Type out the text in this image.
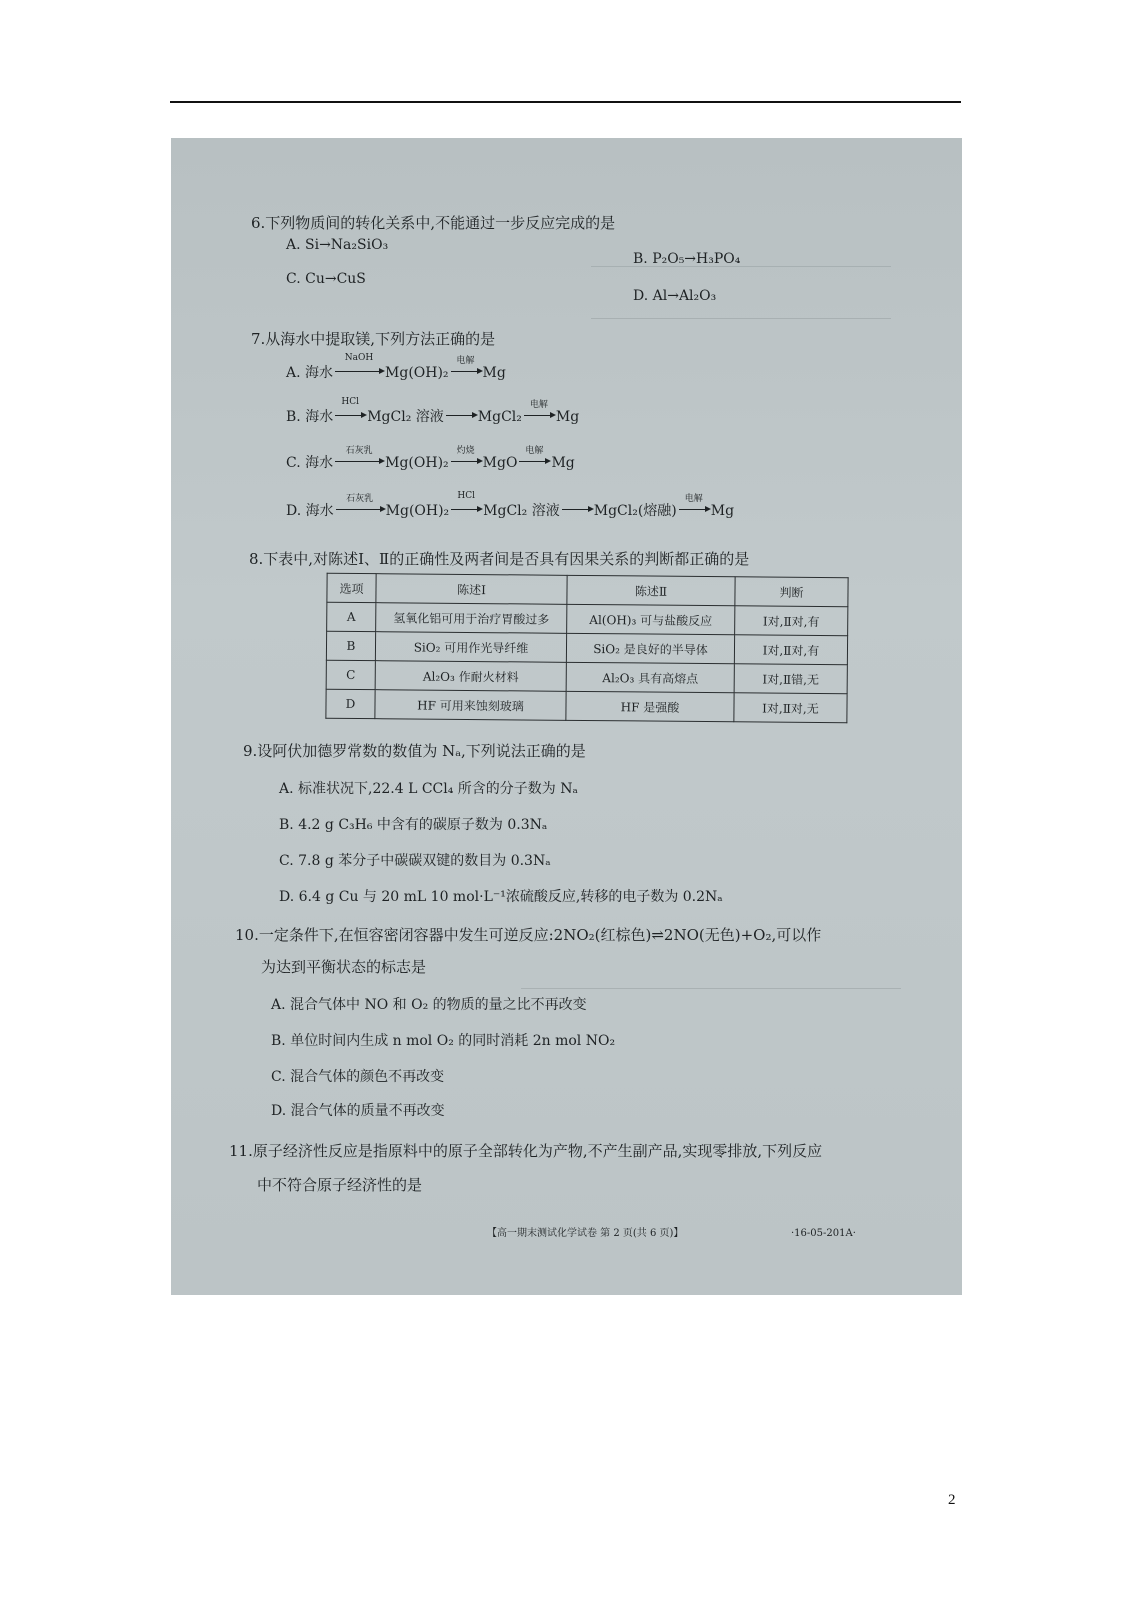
6.下列物质间的转化关系中,不能通过一步反应完成的是
A. Si→Na₂SiO₃
B. P₂O₅→H₃PO₄
C. Cu→CuS
D. Al→Al₂O₃
7.从海水中提取镁,下列方法正确的是
A. 海水
NaOH
Mg(OH)₂
电解
Mg
B. 海水
HCl
MgCl₂ 溶液 MgCl₂
电解
Mg
C. 海水
石灰乳
Mg(OH)₂
灼烧
MgO
电解
Mg
D. 海水
石灰乳
Mg(OH)₂
HCl
MgCl₂ 溶液 MgCl₂(熔融)
电解
Mg
8.下表中,对陈述Ⅰ、Ⅱ的正确性及两者间是否具有因果关系的判断都正确的是
选项	陈述Ⅰ	陈述Ⅱ	判断
A	氢氧化铝可用于治疗胃酸过多	Al(OH)₃ 可与盐酸反应	Ⅰ对,Ⅱ对,有
B	SiO₂ 可用作光导纤维	SiO₂ 是良好的半导体	Ⅰ对,Ⅱ对,有
C	Al₂O₃ 作耐火材料	Al₂O₃ 具有高熔点	Ⅰ对,Ⅱ错,无
D	HF 可用来蚀刻玻璃	HF 是强酸	Ⅰ对,Ⅱ对,无
9.设阿伏加德罗常数的数值为 Nₐ,下列说法正确的是
A. 标准状况下,22.4 L CCl₄ 所含的分子数为 Nₐ
B. 4.2 g C₃H₆ 中含有的碳原子数为 0.3Nₐ
C. 7.8 g 苯分子中碳碳双键的数目为 0.3Nₐ
D. 6.4 g Cu 与 20 mL 10 mol·L⁻¹浓硫酸反应,转移的电子数为 0.2Nₐ
10.一定条件下,在恒容密闭容器中发生可逆反应:2NO₂(红棕色)⇌2NO(无色)+O₂,可以作
为达到平衡状态的标志是
A. 混合气体中 NO 和 O₂ 的物质的量之比不再改变
B. 单位时间内生成 n mol O₂ 的同时消耗 2n mol NO₂
C. 混合气体的颜色不再改变
D. 混合气体的质量不再改变
11.原子经济性反应是指原料中的原子全部转化为产物,不产生副产品,实现零排放,下列反应
中不符合原子经济性的是
【高一期末测试化学试卷 第 2 页(共 6 页)】	·16-05-201A·
2
